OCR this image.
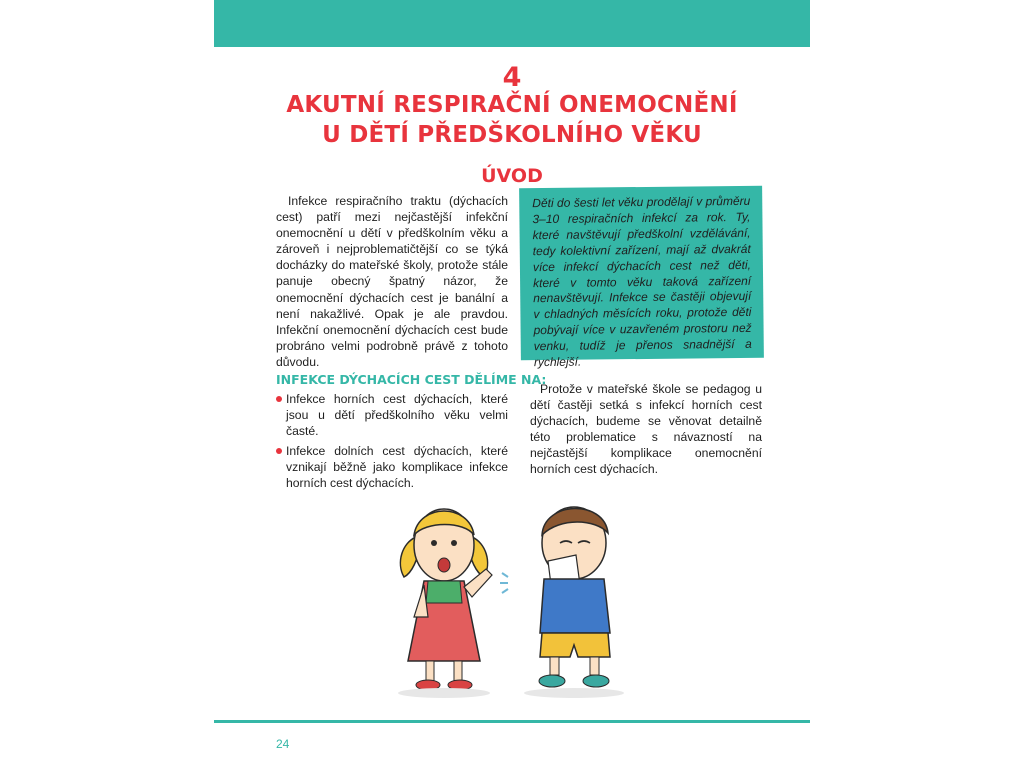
4
AKUTNÍ RESPIRAČNÍ ONEMOCNĚNÍ
U DĚTÍ PŘEDŠKOLNÍHO VĚKU
ÚVOD

Infekce respiračního traktu (dýchacích cest) patří mezi nejčastější infekční onemocnění u dětí v předškolním věku a zároveň i nejproblematičtější co se týká docházky do mateřské školy, protože stále panuje obecný špatný názor, že onemocnění dýchacích cest je banální a není nakažlivé. Opak je ale pravdou. Infekční onemocnění dýchacích cest bude probráno velmi podrobně právě z tohoto důvodu.

Děti do šesti let věku prodělají v průměru 3–10 respiračních infekcí za rok. Ty, které navštěvují předškolní vzdělávání, tedy kolektivní zařízení, mají až dvakrát více infekcí dýchacích cest než děti, které v tomto věku taková zařízení nenavštěvují. Infekce se častěji objevují v chladných měsících roku, protože děti pobývají více v uzavřeném prostoru než venku, tudíž je přenos snadnější a rychlejší.

INFEKCE DÝCHACÍCH CEST DĚLÍME NA:
Infekce horních cest dýchacích, které jsou u dětí předškolního věku velmi časté.
Infekce dolních cest dýchacích, které vznikají běžně jako komplikace infekce horních cest dýchacích.

Protože v mateřské škole se pedagog u dětí častěji setká s infekcí horních cest dýchacích, budeme se věnovat detailně této problematice s návazností na nejčastější komplikace onemocnění horních cest dýchacích.

24
